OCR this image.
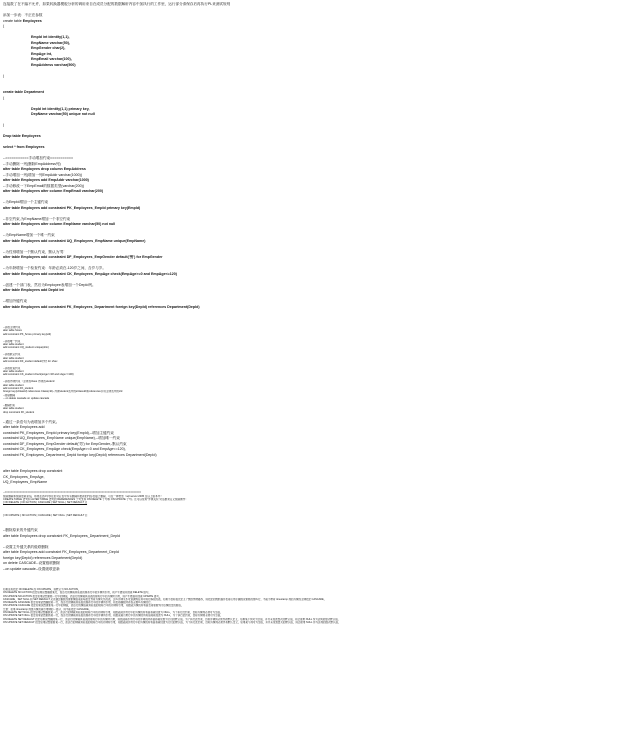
连接数了在不编不允许，如果转换器模板分析的调用来自在成员分配的数据解析内容中加执行的工作里，运行部分请保存后再执行PL来测试规则
添加一步表：不正在参数
create table Employees
(
EmpId int identity(1,1),
EmpName varchar(50),
EmpGender char(2),
EmpAge int,
EmpEmail varchar(100),
EmpAddress varchar(500)
)
create table Department
(
DepId int identity(1,1) primary key,
DepName varchar(50) unique not null
)
Drop table Employees
select * from Employees
--===========手动增加约束===========
--手动删除一列(删除EmpAddress列)
alter table Employees drop column EmpAddress
--手动增加一列(增加一列EmpAddr varchar(1000))
alter table Employees add EmpAddr varchar(1000)
--手动修改一下EmpEmail的数据类型(varchar(200))
alter table Employees alter column EmpEmail varchar(200)
--为EmpId增加一个主键约束
alter table Employees add constraint PK_Employees_EmpId primary key(EmpId)
--非空约束,为EmpName增加一个非空约束
alter table Employees alter column EmpName varchar(50) not null
--为EmpName增加一个唯一约束
alter table Employees add constraint UQ_Employees_EmpName unique(EmpName)
--为性别增加一个默认约束，默认为'男'
alter table Employees add constraint DF_Employees_EmpGender default('男') for EmpGender
--为年龄增加一个检查约束：年龄必须在-120岁之间，含岁与岁。
alter table Employees add constraint CK_Employees_EmpAge check(EmpAge>=0 and EmpAge<=120)
--创建一个部门表，然后为Employee表增加一个DepId列。
alter table Employees add DepId int
--增加外键约束
alter table Employees add constraint FK_Employees_Department foreign key(DepId) references Department(DepId)
--添加主键约束
alter table Score
add constraint PK_Score primary key(sId)
--添加唯一约束
alter table student
add constraint UQ_student unique(sNo)
--添加默认约束
alter table student
add constraint DF_student default('男') for sSex
--添加检查约束
alter table student
add constraint CK_student check(sAge>=18 and sAge<=100)
--添加外键约束（主键表Class 外键表student）
alter table student
add constraint FK_student
foreign key(sClassId) references Class(cId)--外键student表中的sClassId来references引用主键表中的cId
--级联删除
-- on delete cascade on update cascade
--删除约束
alter table student
drop constraint FK_student
--通过一条语句为表增加多个约束。
alter table Employees add
constraint PK_Employees_EmpId primary key(EmpId),--增加主键约束
constraint UQ_Employees_EmpName unique(EmpName),--增加唯一约束
constraint DF_Employees_EmpGender default('男') for EmpGender,-默认约束
constraint CK_Employees_EmpAge check(EmpAge>=0 and EmpAge<=120),
constraint FK_Employees_Department_DepId foreign key(DepId) references Department(DepId)
alter table Employees drop constraint
CK_Employees_EmpAge,
UQ_Employees_EmpName
--==========================================================================================
级联删除和级联更新是指，如果在表2中存在的对应表中所有删除和更新的内容也随之删除，可在一种类型（sql server 2005 及以上版本中）
CREATE TABLE 语句和 ALTER TABLE 语句的 REFERENCES 子句支持 ON DELETE 子句和 ON UPDATE 子句。还可以使用"外键关系"对话框来定义级联操作：
[ ON DELETE { NO ACTION | CASCADE | SET NULL | SET DEFAULT } ]
[ ON UPDATE { NO ACTION | CASCADE | SET NULL | SET DEFAULT } ]
--删除原来的外键约束
alter table Employees drop constraint FK_Employees_Department_DepId
--设置主外键关系的级联删除
alter table Employees add constraint FK_Employees_Department_DepId
foreign key(DepId) references Department(DepId)
on delete CASCADE--设置级联删除
--on update cascade--设置级联更新
如果没有指定 ON DELETE 或 ON UPDATE，则默认为 NO ACTION。
ON DELETE NO ACTION 指定如果试图删除某行，而该行的键被其他表的现有行中的外键所引用，则产生错误并回滚 DELETE 语句。
ON UPDATE NO ACTION 指定如果试图更新一行中的键值，而该行的键被其他表的现有行中的外键所引用，则产生错误并回滚 UPDATE 语句。
CASCADE、SET NULL 和 SET DEFAULT 允许通过删除或更新键值来影响指定具有外键关系的表，这些外键关系可追溯到在其中进行修改的表。如果为目标表也定义了级联参照操作，则指定的级联操作也将应用于删除或更新的那些行。不能为带有 timestamp 列的外键或主键指定 CASCADE。
ON DELETE CASCADE 指定如果试图删除某一行，而该行的键被其他表的现有行中的外键所引用，则也将删除所有包含那些外键的行。
ON UPDATE CASCADE 指定如果试图更新某一行中的键值，而该行的键值被其他表的现有行中的外键所引用，则组成外键的所有值也将更新到为该键指定的新值。
注意：如果 timestamp 列是外键或被引用键的一部分，则不能指定 CASCADE。
ON DELETE SET NULL 指定如果试图删除某一行，而该行的键被其他表的现有行中的外键所引用，则组成被引用行中的外键的所有值将被设置为 NULL。为了执行此约束，目标外键列必须可为空值。
ON UPDATE SET NULL 指定如果试图更新某一行，而该行的键被其他表的现有行中的外键所引用，则组成被引用行中的外键的所有值将被设置为 NULL。为了执行此约束，目标外键列必须可为空值。
ON DELETE SET DEFAULT 指定如果试图删除某一行，而该行的键被其他表的现有行中的外键所引用，则组成被引用行中的外键的所有值将被设置为它们的默认值。为了执行此约束，目标外键列必须具有默认定义。如果某个列可为空值，并且未设置显式的默认值，则会使用 NULL 作为该列的隐式默认值。
ON UPDATE SET DEFAULT 指定如果试图更新某一行，而该行的键被其他表的现有行中的外键所引用，则组成被引用行中的外键的所有值将被设置为它们的默认值。为了执行此约束，目标外键列必须具有默认定义。如果某个列可为空值，并且未设置显式的默认值，则会使用 NULL 作为该列的隐式默认值。
